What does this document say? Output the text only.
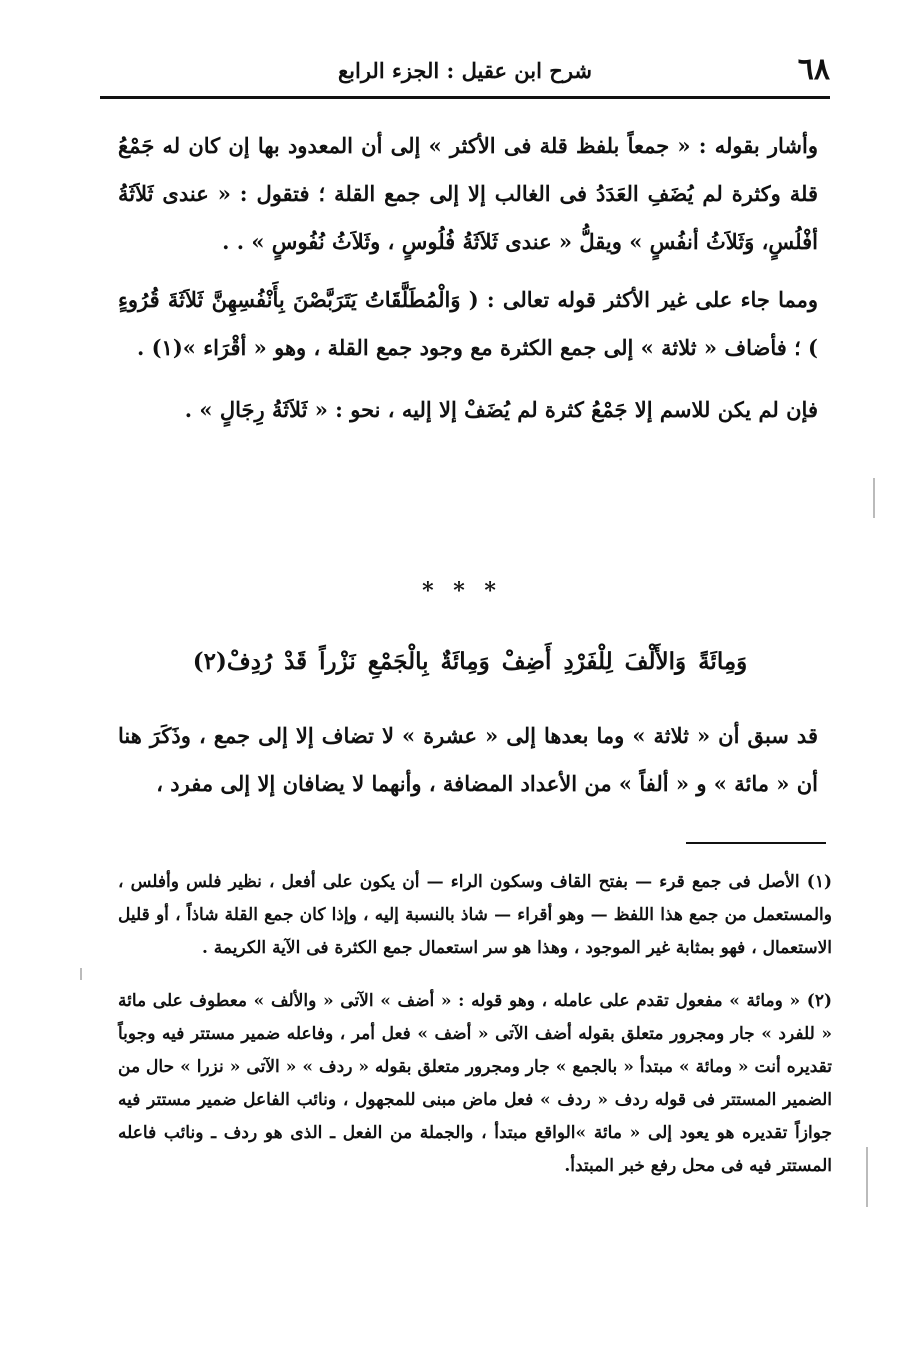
٦٨
شرح ابن عقيل : الجزء الرابع

وأشار بقوله : « جمعاً بلفظ قلة فى الأكثر » إلى أن المعدود بها إن كان له جَمْعُ قلة وكثرة لم يُضَفِ العَدَدُ فى الغالب إلا إلى جمع القلة ؛ فتقول : « عندى ثَلاَثَةُ أفْلُسٍ، وَثَلاَثُ أنفُسٍ » ويقلُّ « عندى ثَلاَثَةُ فُلُوسٍ ، وثَلاَثُ نُفُوسٍ » . .

ومما جاء على غير الأكثر قوله تعالى : ( وَالْمُطَلَّقَاتُ يَتَرَبَّصْنَ بِأَنْفُسِهِنَّ ثَلاَثَةَ قُرُوءٍ ) ؛ فأضاف « ثلاثة » إلى جمع الكثرة مع وجود جمع القلة ، وهو « أقْرَاء »(١) .

فإن لم يكن للاسم إلا جَمْعُ كثرة لم يُضَفْ إلا إليه ، نحو : « ثَلاَثَةُ رِجَالٍ » .

* * *
وَمِائَةً وَالأَلْفَ لِلْفَرْدِ أَضِفْ وَمِائَةٌ بِالْجَمْعِ نَزْراً قَدْ رُدِفْ(٢)

قد سبق أن « ثلاثة » وما بعدها إلى « عشرة » لا تضاف إلا إلى جمع ، وذَكَرَ هنا أن « مائة » و « ألفاً » من الأعداد المضافة ، وأنهما لا يضافان إلا إلى مفرد ،

(١) الأصل فى جمع قرء — بفتح القاف وسكون الراء — أن يكون على أفعل ، نظير فلس وأفلس ، والمستعمل من جمع هذا اللفظ — وهو أقراء — شاذ بالنسبة إليه ، وإذا كان جمع القلة شاذاً ، أو قليل الاستعمال ، فهو بمثابة غير الموجود ، وهذا هو سر استعمال جمع الكثرة فى الآية الكريمة .

(٢) « ومائة » مفعول تقدم على عامله ، وهو قوله : « أضف » الآتى « والألف » معطوف على مائة « للفرد » جار ومجرور متعلق بقوله أضف الآتى « أضف » فعل أمر ، وفاعله ضمير مستتر فيه وجوباً تقديره أنت « ومائة » مبتدأ « بالجمع » جار ومجرور متعلق بقوله « ردف » « الآتى « نزرا » حال من الضمير المستتر فى قوله ردف « ردف » فعل ماض مبنى للمجهول ، ونائب الفاعل ضمير مستتر فيه جوازاً تقديره هو يعود إلى « مائة »الواقع مبتدأ ، والجملة من الفعل ـ الذى هو ردف ـ ونائب فاعله المستتر فيه فى محل رفع خبر المبتدأ.
